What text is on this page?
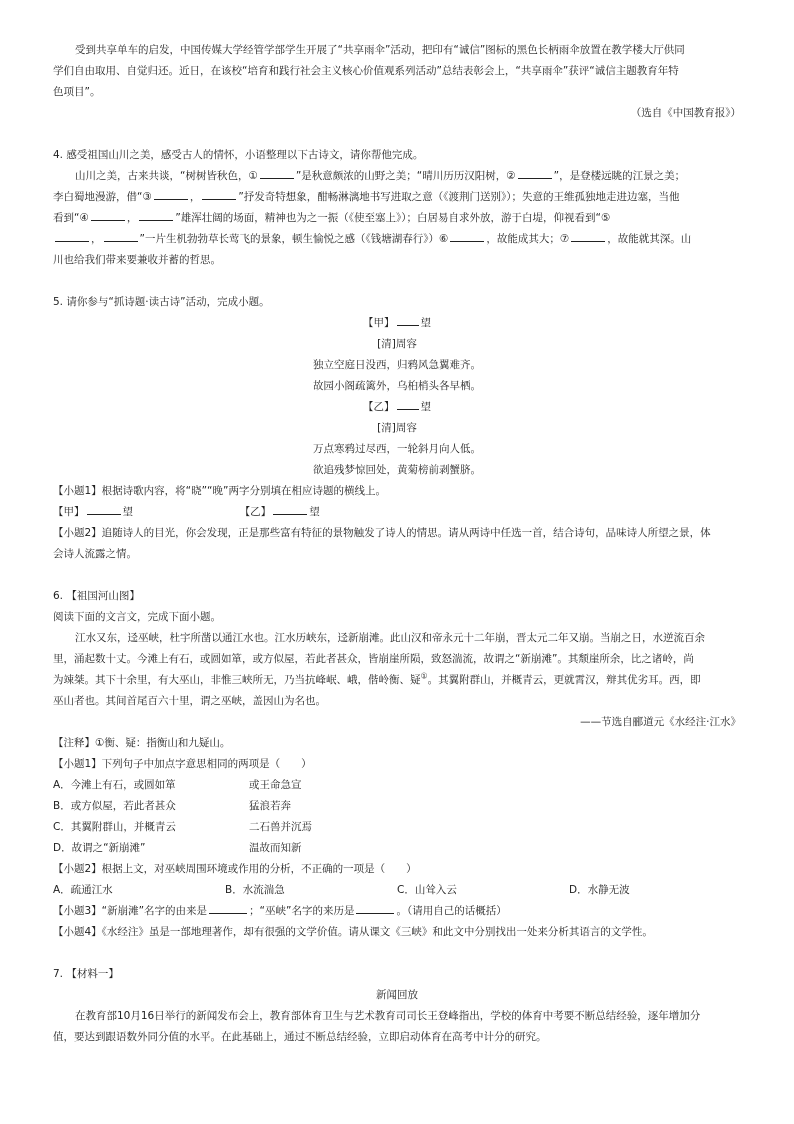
受到共享单车的启发，中国传媒大学经管学部学生开展了“共享雨伞”活动，把印有“诚信”图标的黑色长柄雨伞放置在教学楼大厅供同

学们自由取用、自觉归还。近日，在该校“培育和践行社会主义核心价值观系列活动”总结表彰会上，“共享雨伞”获评“诚信主题教育年特

色项目”。

（选自《中国教育报》）

4. 感受祖国山川之美，感受古人的情怀，小语整理以下古诗文，请你帮他完成。

山川之美，古来共谈，“树树皆秋色，①	”是秋意颇浓的山野之美；“晴川历历汉阳树，②	”，是登楼远眺的江景之美；

李白蜀地漫游，借“③	，	”抒发奇特想象，酣畅淋漓地书写进取之意（《渡荆门送别》）；失意的王维孤独地走进边塞，当他

看到“④	，	”雄浑壮阔的场面，精神也为之一振（《使至塞上》）；白居易自求外放，游于白堤，仰视看到“⑤

，	”一片生机勃勃草长莺飞的景象，顿生愉悦之感（《钱塘湖春行》）⑥	，故能成其大；⑦	，故能就其深。山

川也给我们带来要兼收并蓄的哲思。

5. 请你参与“抓诗题·读古诗”活动，完成小题。

【甲】 望

[清]周容

独立空庭日没西，归鸦风急翼难齐。

故园小阁疏篱外，乌桕梢头各早栖。

【乙】 望

[清]周容

万点寒鸦过尽西，一轮斜月向人低。

欲追残梦惊回处，黄菊榜前剥蟹脐。

【小题1】根据诗歌内容，将“晓”“晚”两字分别填在相应诗题的横线上。

【甲】	望	【乙】	望

【小题2】追随诗人的目光，你会发现，正是那些富有特征的景物触发了诗人的情思。请从两诗中任选一首，结合诗句，品味诗人所望之景，体

会诗人流露之情。

6. 【祖国河山图】

阅读下面的文言文，完成下面小题。

江水又东，迳巫峡，杜宇所凿以通江水也。江水历峡东，迳新崩滩。此山汉和帝永元十二年崩，晋太元二年又崩。当崩之日，水逆流百余

里，涌起数十丈。今滩上有石，或圆如箪，或方似屋，若此者甚众，皆崩崖所陨，致怒湍流，故谓之“新崩滩”。其颓崖所余，比之诸岭，尚

为竦桀。其下十余里，有大巫山，非惟三峡所无，乃当抗峰岷、峨，偕岭衡、疑①。其翼附群山，并概青云，更就霄汉，辩其优劣耳。西，即

巫山者也。其间首尾百六十里，谓之巫峡，盖因山为名也。

——节选自郦道元《水经注·江水》

【注释】①衡、疑：指衡山和九疑山。

【小题1】下列句子中加点字意思相同的两项是（　　）

A．今滩上有石，或圆如箪	或王命急宣
B．或方似屋，若此者甚众	猛浪若奔
C．其翼附群山，并概青云	二石兽并沉焉
D．故谓之“新崩滩”	温故而知新

【小题2】根据上文，对巫峡周围环境或作用的分析，不正确的一项是（　　）

A．疏通江水	B．水流湍急	C．山耸入云	D．水静无波

【小题3】“新崩滩”名字的由来是	；“巫峡”名字的来历是	。（请用自己的话概括）

【小题4】《水经注》虽是一部地理著作，却有很强的文学价值。请从课文《三峡》和此文中分别找出一处来分析其语言的文学性。

7. 【材料一】

新闻回放

在教育部10月16日举行的新闻发布会上，教育部体育卫生与艺术教育司司长王登峰指出，学校的体育中考要不断总结经验，逐年增加分

值，要达到跟语数外同分值的水平。在此基础上，通过不断总结经验，立即启动体育在高考中计分的研究。
